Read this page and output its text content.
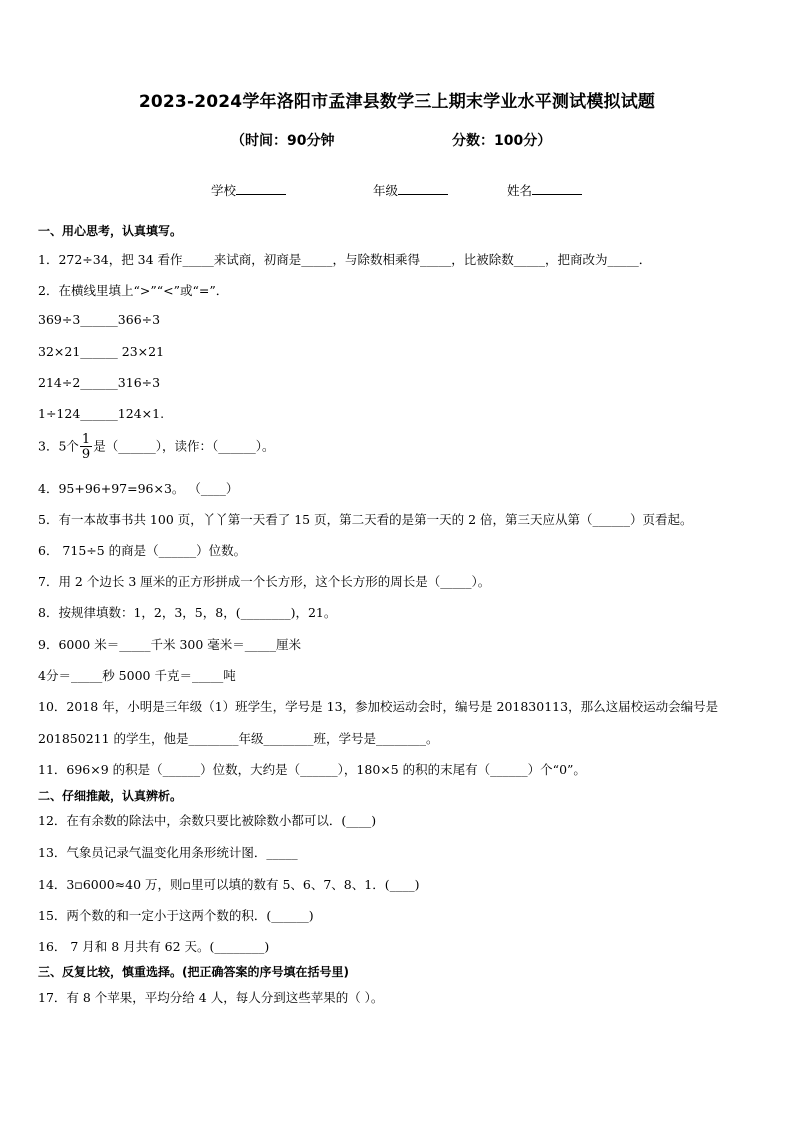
2023-2024学年洛阳市孟津县数学三上期末学业水平测试模拟试题
（时间：90分钟	分数：100分）
学校	年级	姓名
一、用心思考，认真填写。
1．272÷34，把 34 看作_____来试商，初商是_____，与除数相乘得_____，比被除数_____，把商改为_____．
2．在横线里填上“>”“<”或“=”．
369÷3______366÷3
32×21______ 23×21
214÷2______316÷3
1÷124______124×1.
3．5个 $\frac{1}{9}$ 是（______），读作：（______）。
4．95+96+97=96×3。 （____）
5．有一本故事书共 100 页，丫丫第一天看了 15 页，第二天看的是第一天的 2 倍，第三天应从第（______）页看起。
6． 715÷5 的商是（______）位数。
7．用 2 个边长 3 厘米的正方形拼成一个长方形，这个长方形的周长是（_____）。
8．按规律填数：1，2，3，5，8，(________)，21。
9．6000 米＝_____千米 300 毫米＝_____厘米
4分＝_____秒 5000 千克＝_____吨
10．2018 年，小明是三年级（1）班学生，学号是 13，参加校运动会时，编号是 201830113，那么这届校运动会编号是
201850211 的学生，他是________年级________班，学号是________。
11．696×9 的积是（______）位数，大约是（______），180×5 的积的末尾有（______）个“0”。
二、仔细推敲，认真辨析。
12．在有余数的除法中，余数只要比被除数小都可以．(____)
13．气象员记录气温变化用条形统计图．_____
14．3▫6000≈40 万，则▫里可以填的数有 5、6、7、8、1．(____)
15．两个数的和一定小于这两个数的积．(______)
16． 7 月和 8 月共有 62 天。(________)
三、反复比较，慎重选择。(把正确答案的序号填在括号里)
17．有 8 个苹果，平均分给 4 人，每人分到这些苹果的（ ）。
